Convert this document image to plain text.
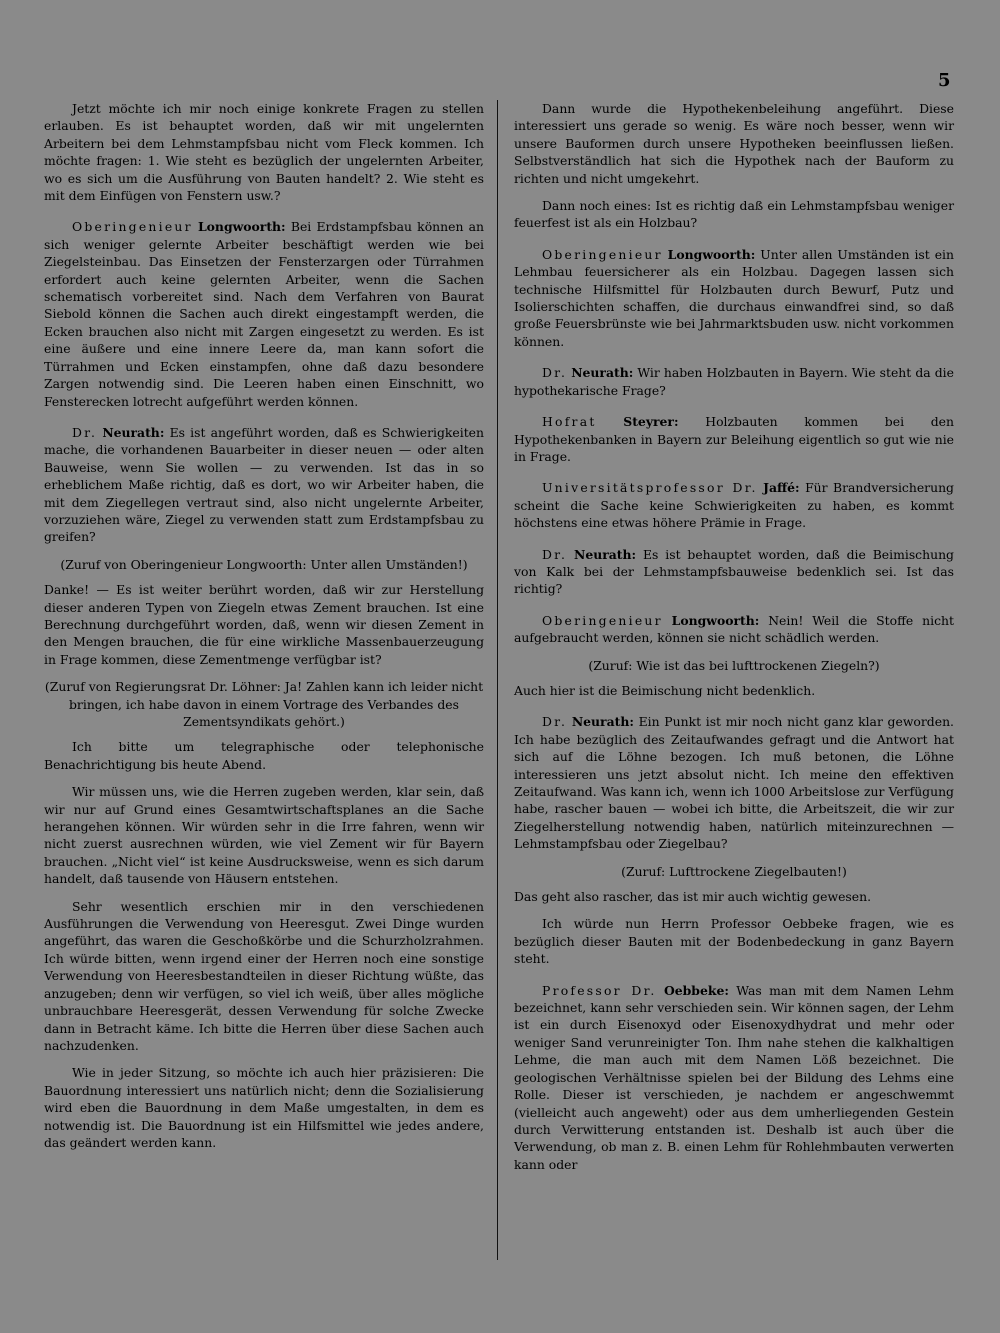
5

Jetzt möchte ich mir noch einige konkrete Fragen zu stellen erlauben. Es ist behauptet worden, daß wir mit ungelernten Arbeitern bei dem Lehmstampfsbau nicht vom Fleck kommen. Ich möchte fragen: 1. Wie steht es bezüglich der ungelernten Arbeiter, wo es sich um die Ausführung von Bauten handelt? 2. Wie steht es mit dem Einfügen von Fenstern usw.?

Oberingenieur Longwoorth: Bei Erdstampfsbau können an sich weniger gelernte Arbeiter beschäftigt werden wie bei Ziegelsteinbau. Das Einsetzen der Fensterzargen oder Türrahmen erfordert auch keine gelernten Arbeiter, wenn die Sachen schematisch vorbereitet sind. Nach dem Verfahren von Baurat Siebold können die Sachen auch direkt eingestampft werden, die Ecken brauchen also nicht mit Zargen eingesetzt zu werden. Es ist eine äußere und eine innere Leere da, man kann sofort die Türrahmen und Ecken einstampfen, ohne daß dazu besondere Zargen notwendig sind. Die Leeren haben einen Einschnitt, wo Fensterecken lotrecht aufgeführt werden können.

Dr. Neurath: Es ist angeführt worden, daß es Schwierigkeiten mache, die vorhandenen Bauarbeiter in dieser neuen — oder alten Bauweise, wenn Sie wollen — zu verwenden. Ist das in so erheblichem Maße richtig, daß es dort, wo wir Arbeiter haben, die mit dem Ziegellegen vertraut sind, also nicht ungelernte Arbeiter, vorzuziehen wäre, Ziegel zu verwenden statt zum Erdstampfsbau zu greifen?

(Zuruf von Oberingenieur Longwoorth: Unter allen Umständen!)

Danke! — Es ist weiter berührt worden, daß wir zur Herstellung dieser anderen Typen von Ziegeln etwas Zement brauchen. Ist eine Berechnung durchgeführt worden, daß, wenn wir diesen Zement in den Mengen brauchen, die für eine wirkliche Massenbauerzeugung in Frage kommen, diese Zementmenge verfügbar ist?

(Zuruf von Regierungsrat Dr. Löhner: Ja! Zahlen kann ich leider nicht bringen, ich habe davon in einem Vortrage des Verbandes des Zementsyndikats gehört.)

Ich bitte um telegraphische oder telephonische Benachrichtigung bis heute Abend.

Wir müssen uns, wie die Herren zugeben werden, klar sein, daß wir nur auf Grund eines Gesamtwirtschaftsplanes an die Sache herangehen können. Wir würden sehr in die Irre fahren, wenn wir nicht zuerst ausrechnen würden, wie viel Zement wir für Bayern brauchen. „Nicht viel“ ist keine Ausdrucksweise, wenn es sich darum handelt, daß tausende von Häusern entstehen.

Sehr wesentlich erschien mir in den verschiedenen Ausführungen die Verwendung von Heeresgut. Zwei Dinge wurden angeführt, das waren die Geschoßkörbe und die Schurzholzrahmen. Ich würde bitten, wenn irgend einer der Herren noch eine sonstige Verwendung von Heeresbestandteilen in dieser Richtung wüßte, das anzugeben; denn wir verfügen, so viel ich weiß, über alles mögliche unbrauchbare Heeresgerät, dessen Verwendung für solche Zwecke dann in Betracht käme. Ich bitte die Herren über diese Sachen auch nachzudenken.

Wie in jeder Sitzung, so möchte ich auch hier präzisieren: Die Bauordnung interessiert uns natürlich nicht; denn die Sozialisierung wird eben die Bauordnung in dem Maße umgestalten, in dem es notwendig ist. Die Bauordnung ist ein Hilfsmittel wie jedes andere, das geändert werden kann.

Dann wurde die Hypothekenbeleihung angeführt. Diese interessiert uns gerade so wenig. Es wäre noch besser, wenn wir unsere Bauformen durch unsere Hypotheken beeinflussen ließen. Selbstverständlich hat sich die Hypothek nach der Bauform zu richten und nicht umgekehrt.

Dann noch eines: Ist es richtig daß ein Lehmstampfsbau weniger feuerfest ist als ein Holzbau?

Oberingenieur Longwoorth: Unter allen Umständen ist ein Lehmbau feuersicherer als ein Holzbau. Dagegen lassen sich technische Hilfsmittel für Holzbauten durch Bewurf, Putz und Isolierschichten schaffen, die durchaus einwandfrei sind, so daß große Feuersbrünste wie bei Jahrmarktsbuden usw. nicht vorkommen können.

Dr. Neurath: Wir haben Holzbauten in Bayern. Wie steht da die hypothekarische Frage?

Hofrat Steyrer: Holzbauten kommen bei den Hypothekenbanken in Bayern zur Beleihung eigentlich so gut wie nie in Frage.

Universitätsprofessor Dr. Jaffé: Für Brandversicherung scheint die Sache keine Schwierigkeiten zu haben, es kommt höchstens eine etwas höhere Prämie in Frage.

Dr. Neurath: Es ist behauptet worden, daß die Beimischung von Kalk bei der Lehmstampfsbauweise bedenklich sei. Ist das richtig?

Oberingenieur Longwoorth: Nein! Weil die Stoffe nicht aufgebraucht werden, können sie nicht schädlich werden.

(Zuruf: Wie ist das bei lufttrockenen Ziegeln?)

Auch hier ist die Beimischung nicht bedenklich.

Dr. Neurath: Ein Punkt ist mir noch nicht ganz klar geworden. Ich habe bezüglich des Zeitaufwandes gefragt und die Antwort hat sich auf die Löhne bezogen. Ich muß betonen, die Löhne interessieren uns jetzt absolut nicht. Ich meine den effektiven Zeitaufwand. Was kann ich, wenn ich 1000 Arbeitslose zur Verfügung habe, rascher bauen — wobei ich bitte, die Arbeitszeit, die wir zur Ziegelherstellung notwendig haben, natürlich miteinzurechnen — Lehmstampfsbau oder Ziegelbau?

(Zuruf: Lufttrockene Ziegelbauten!)

Das geht also rascher, das ist mir auch wichtig gewesen.

Ich würde nun Herrn Professor Oebbeke fragen, wie es bezüglich dieser Bauten mit der Bodenbedeckung in ganz Bayern steht.

Professor Dr. Oebbeke: Was man mit dem Namen Lehm bezeichnet, kann sehr verschieden sein. Wir können sagen, der Lehm ist ein durch Eisenoxyd oder Eisenoxydhydrat und mehr oder weniger Sand verunreinigter Ton. Ihm nahe stehen die kalkhaltigen Lehme, die man auch mit dem Namen Löß bezeichnet. Die geologischen Verhältnisse spielen bei der Bildung des Lehms eine Rolle. Dieser ist verschieden, je nachdem er angeschwemmt (vielleicht auch angeweht) oder aus dem umherliegenden Gestein durch Verwitterung entstanden ist. Deshalb ist auch über die Verwendung, ob man z. B. einen Lehm für Rohlehmbauten verwerten kann oder
